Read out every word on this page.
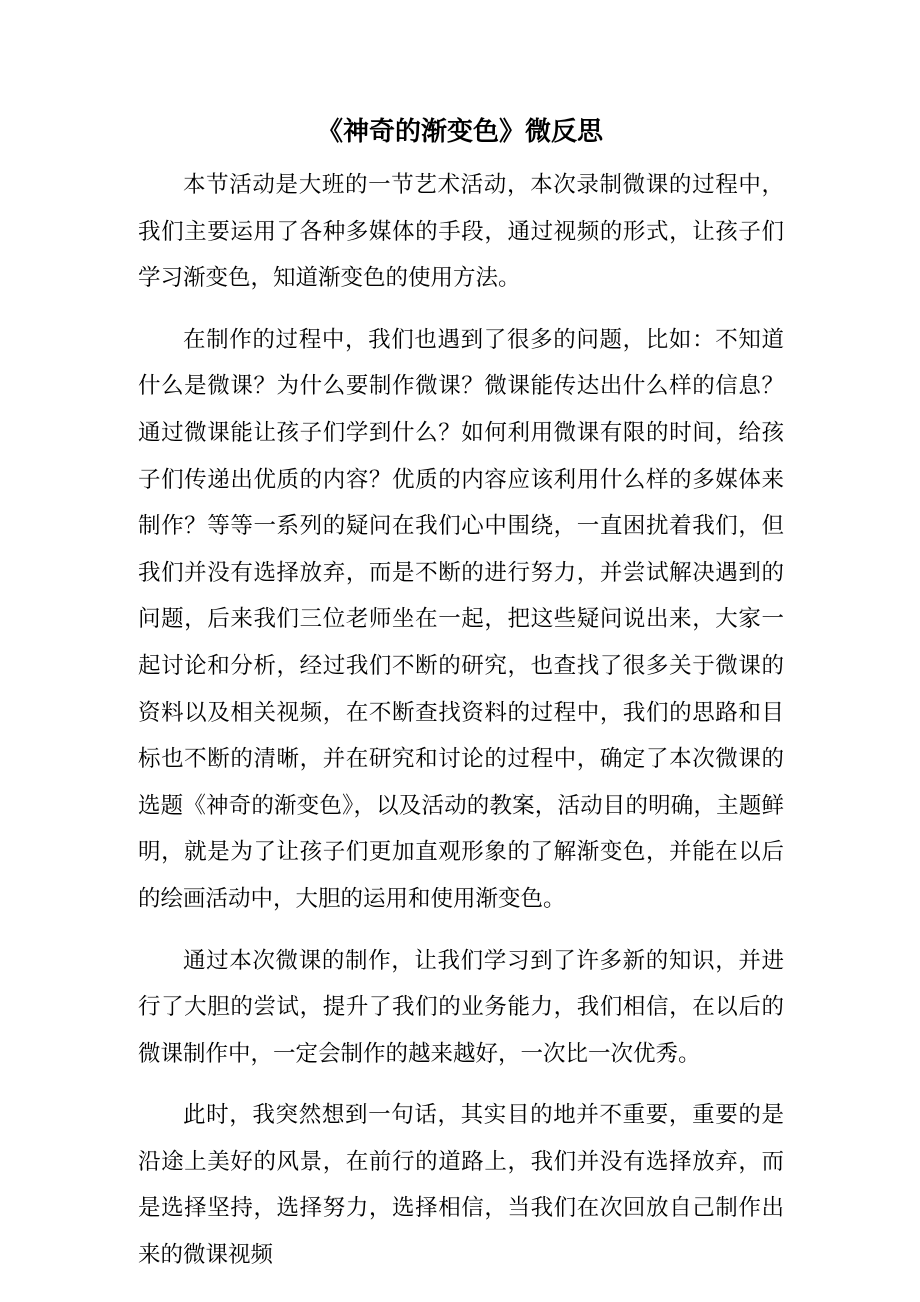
《神奇的渐变色》微反思

本节活动是大班的一节艺术活动，本次录制微课的过程中，我们主要运用了各种多媒体的手段，通过视频的形式，让孩子们学习渐变色，知道渐变色的使用方法。

在制作的过程中，我们也遇到了很多的问题，比如：不知道什么是微课？为什么要制作微课？微课能传达出什么样的信息？通过微课能让孩子们学到什么？如何利用微课有限的时间，给孩子们传递出优质的内容？优质的内容应该利用什么样的多媒体来制作？等等一系列的疑问在我们心中围绕，一直困扰着我们，但我们并没有选择放弃，而是不断的进行努力，并尝试解决遇到的问题，后来我们三位老师坐在一起，把这些疑问说出来，大家一起讨论和分析，经过我们不断的研究，也查找了很多关于微课的资料以及相关视频，在不断查找资料的过程中，我们的思路和目标也不断的清晰，并在研究和讨论的过程中，确定了本次微课的选题《神奇的渐变色》，以及活动的教案，活动目的明确，主题鲜明，就是为了让孩子们更加直观形象的了解渐变色，并能在以后的绘画活动中，大胆的运用和使用渐变色。

通过本次微课的制作，让我们学习到了许多新的知识，并进行了大胆的尝试，提升了我们的业务能力，我们相信，在以后的微课制作中，一定会制作的越来越好，一次比一次优秀。

此时，我突然想到一句话，其实目的地并不重要，重要的是沿途上美好的风景，在前行的道路上，我们并没有选择放弃，而是选择坚持，选择努力，选择相信，当我们在次回放自己制作出来的微课视频
